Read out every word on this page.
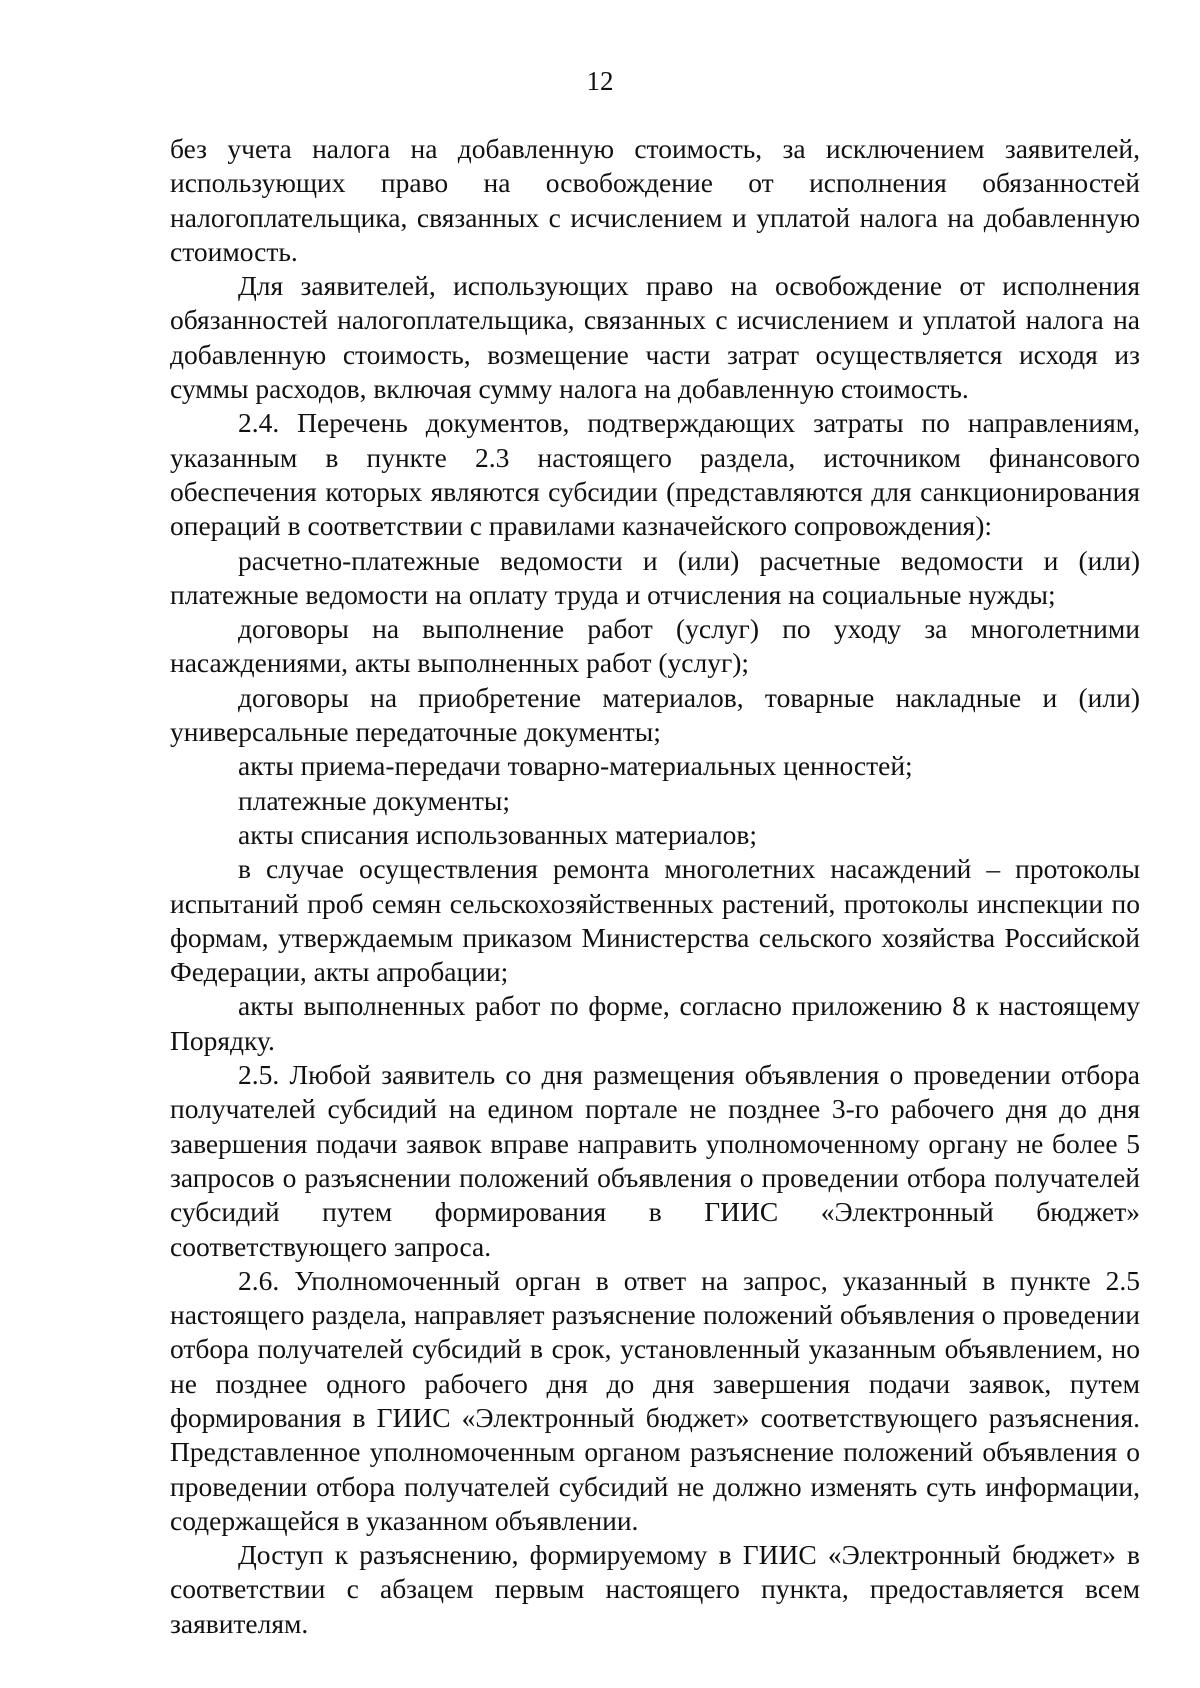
12

без учета налога на добавленную стоимость, за исключением заявителей, использующих право на освобождение от исполнения обязанностей налогоплательщика, связанных с исчислением и уплатой налога на добавленную стоимость.

Для заявителей, использующих право на освобождение от исполнения обязанностей налогоплательщика, связанных с исчислением и уплатой налога на добавленную стоимость, возмещение части затрат осуществляется исходя из суммы расходов, включая сумму налога на добавленную стоимость.

2.4. Перечень документов, подтверждающих затраты по направлениям, указанным в пункте 2.3 настоящего раздела, источником финансового обеспечения которых являются субсидии (представляются для санкционирования операций в соответствии с правилами казначейского сопровождения):

расчетно-платежные ведомости и (или) расчетные ведомости и (или) платежные ведомости на оплату труда и отчисления на социальные нужды;

договоры на выполнение работ (услуг) по уходу за многолетними насаждениями, акты выполненных работ (услуг);

договоры на приобретение материалов, товарные накладные и (или) универсальные передаточные документы;

акты приема-передачи товарно-материальных ценностей;

платежные документы;

акты списания использованных материалов;

в случае осуществления ремонта многолетних насаждений – протоколы испытаний проб семян сельскохозяйственных растений, протоколы инспекции по формам, утверждаемым приказом Министерства сельского хозяйства Российской Федерации, акты апробации;

акты выполненных работ по форме, согласно приложению 8 к настоящему Порядку.

2.5. Любой заявитель со дня размещения объявления о проведении отбора получателей субсидий на едином портале не позднее 3-го рабочего дня до дня завершения подачи заявок вправе направить уполномоченному органу не более 5 запросов о разъяснении положений объявления о проведении отбора получателей субсидий путем формирования в ГИИС «Электронный бюджет» соответствующего запроса.

2.6. Уполномоченный орган в ответ на запрос, указанный в пункте 2.5 настоящего раздела, направляет разъяснение положений объявления о проведении отбора получателей субсидий в срок, установленный указанным объявлением, но не позднее одного рабочего дня до дня завершения подачи заявок, путем формирования в ГИИС «Электронный бюджет» соответствующего разъяснения. Представленное уполномоченным органом разъяснение положений объявления о проведении отбора получателей субсидий не должно изменять суть информации, содержащейся в указанном объявлении.

Доступ к разъяснению, формируемому в ГИИС «Электронный бюджет» в соответствии с абзацем первым настоящего пункта, предоставляется всем заявителям.
